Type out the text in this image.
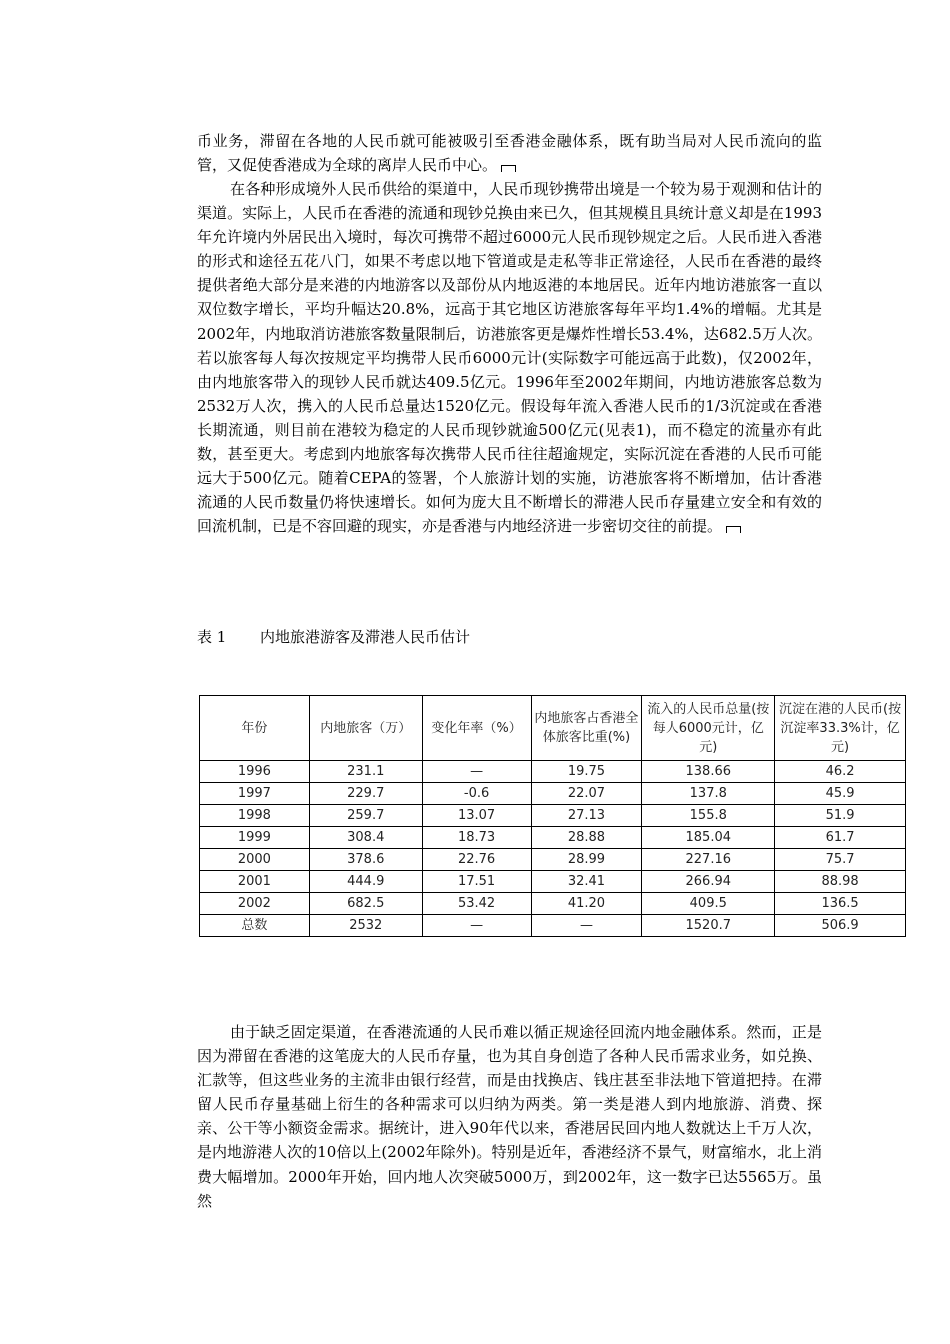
币业务，滞留在各地的人民币就可能被吸引至香港金融体系，既有助当局对人民币流向的监管，又促使香港成为全球的离岸人民币中心。

在各种形成境外人民币供给的渠道中，人民币现钞携带出境是一个较为易于观测和估计的渠道。实际上，人民币在香港的流通和现钞兑换由来已久，但其规模且具统计意义却是在1993年允许境内外居民出入境时，每次可携带不超过6000元人民币现钞规定之后。人民币进入香港的形式和途径五花八门，如果不考虑以地下管道或是走私等非正常途径，人民币在香港的最终提供者绝大部分是来港的内地游客以及部份从内地返港的本地居民。近年内地访港旅客一直以双位数字增长，平均升幅达20.8%，远高于其它地区访港旅客每年平均1.4%的增幅。尤其是2002年，内地取消访港旅客数量限制后，访港旅客更是爆炸性增长53.4%，达682.5万人次。若以旅客每人每次按规定平均携带人民币6000元计(实际数字可能远高于此数)，仅2002年，由内地旅客带入的现钞人民币就达409.5亿元。1996年至2002年期间，内地访港旅客总数为2532万人次，携入的人民币总量达1520亿元。假设每年流入香港人民币的1/3沉淀或在香港长期流通，则目前在港较为稳定的人民币现钞就逾500亿元(见表1)，而不稳定的流量亦有此数，甚至更大。考虑到内地旅客每次携带人民币往往超逾规定，实际沉淀在香港的人民币可能远大于500亿元。随着CEPA的签署，个人旅游计划的实施，访港旅客将不断增加，估计香港流通的人民币数量仍将快速增长。如何为庞大且不断增长的滞港人民币存量建立安全和有效的回流机制，已是不容回避的现实，亦是香港与内地经济进一步密切交往的前提。

表 1 内地旅港游客及滞港人民币估计
年份	内地旅客（万）	变化年率（%）	内地旅客占香港全体旅客比重(%)	流入的人民币总量(按每人6000元计，亿元)	沉淀在港的人民币(按沉淀率33.3%计，亿元)
1996	231.1	—	19.75	138.66	46.2
1997	229.7	-0.6	22.07	137.8	45.9
1998	259.7	13.07	27.13	155.8	51.9
1999	308.4	18.73	28.88	185.04	61.7
2000	378.6	22.76	28.99	227.16	75.7
2001	444.9	17.51	32.41	266.94	88.98
2002	682.5	53.42	41.20	409.5	136.5
总数	2532	—	—	1520.7	506.9

由于缺乏固定渠道，在香港流通的人民币难以循正规途径回流内地金融体系。然而，正是因为滞留在香港的这笔庞大的人民币存量，也为其自身创造了各种人民币需求业务，如兑换、汇款等，但这些业务的主流非由银行经营，而是由找换店、钱庄甚至非法地下管道把持。在滞留人民币存量基础上衍生的各种需求可以归纳为两类。第一类是港人到内地旅游、消费、探亲、公干等小额资金需求。据统计，进入90年代以来，香港居民回内地人数就达上千万人次，是内地游港人次的10倍以上(2002年除外)。特别是近年，香港经济不景气，财富缩水，北上消费大幅增加。2000年开始，回内地人次突破5000万，到2002年，这一数字已达5565万。虽然
